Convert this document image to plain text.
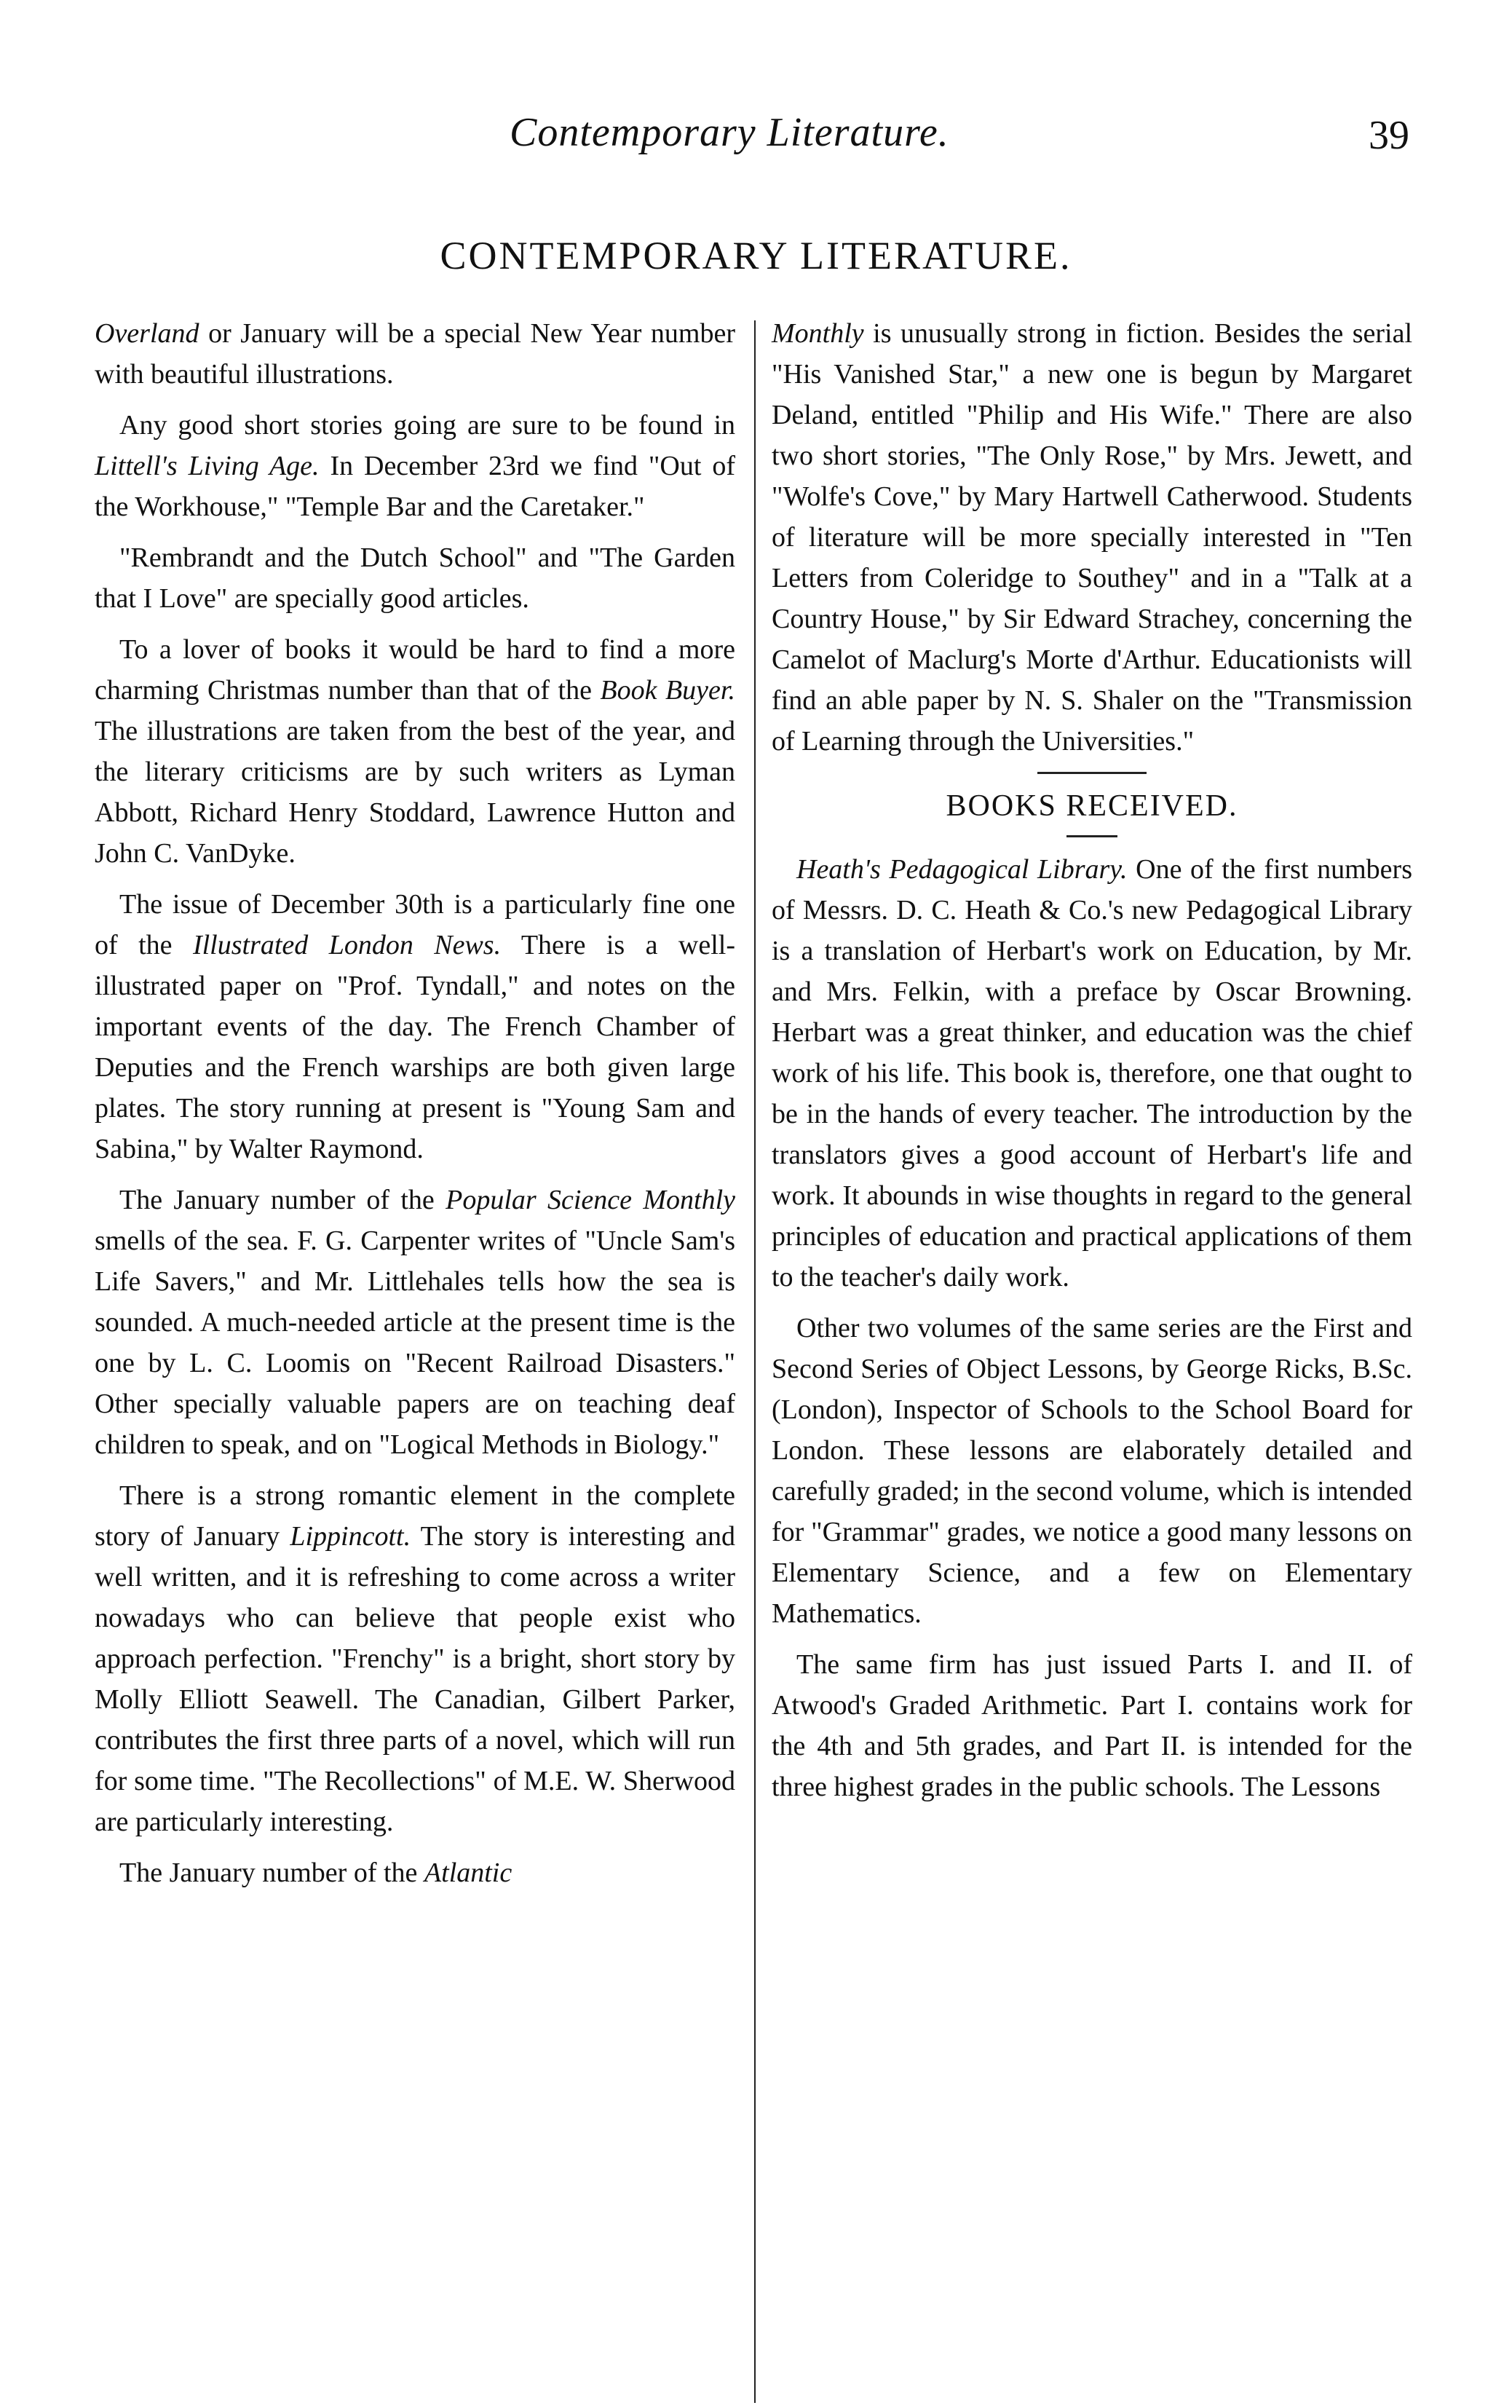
Contemporary Literature.	39
CONTEMPORARY LITERATURE.

Overland or January will be a special New Year number with beautiful illustrations.

Any good short stories going are sure to be found in Littell's Living Age. In December 23rd we find "Out of the Workhouse," "Temple Bar and the Caretaker."

"Rembrandt and the Dutch School" and "The Garden that I Love" are specially good articles.

To a lover of books it would be hard to find a more charming Christmas number than that of the Book Buyer. The illustrations are taken from the best of the year, and the literary criticisms are by such writers as Lyman Abbott, Richard Henry Stoddard, Lawrence Hutton and John C. VanDyke.

The issue of December 30th is a particularly fine one of the Illustrated London News. There is a well-illustrated paper on "Prof. Tyndall," and notes on the important events of the day. The French Chamber of Deputies and the French warships are both given large plates. The story running at present is "Young Sam and Sabina," by Walter Raymond.

The January number of the Popular Science Monthly smells of the sea. F. G. Carpenter writes of "Uncle Sam's Life Savers," and Mr. Littlehales tells how the sea is sounded. A much-needed article at the present time is the one by L. C. Loomis on "Recent Railroad Disasters." Other specially valuable papers are on teaching deaf children to speak, and on "Logical Methods in Biology."

There is a strong romantic element in the complete story of January Lippincott. The story is interesting and well written, and it is refreshing to come across a writer nowadays who can believe that people exist who approach perfection. "Frenchy" is a bright, short story by Molly Elliott Seawell. The Canadian, Gilbert Parker, contributes the first three parts of a novel, which will run for some time. "The Recollections" of M.E. W. Sherwood are particularly interesting.

The January number of the Atlantic

Monthly is unusually strong in fiction. Besides the serial "His Vanished Star," a new one is begun by Margaret Deland, entitled "Philip and His Wife." There are also two short stories, "The Only Rose," by Mrs. Jewett, and "Wolfe's Cove," by Mary Hartwell Catherwood. Students of literature will be more specially interested in "Ten Letters from Coleridge to Southey" and in a "Talk at a Country House," by Sir Edward Strachey, concerning the Camelot of Maclurg's Morte d'Arthur. Educationists will find an able paper by N. S. Shaler on the "Transmission of Learning through the Universities."

BOOKS RECEIVED.

Heath's Pedagogical Library. One of the first numbers of Messrs. D. C. Heath & Co.'s new Pedagogical Library is a translation of Herbart's work on Education, by Mr. and Mrs. Felkin, with a preface by Oscar Browning. Herbart was a great thinker, and education was the chief work of his life. This book is, therefore, one that ought to be in the hands of every teacher. The introduction by the translators gives a good account of Herbart's life and work. It abounds in wise thoughts in regard to the general principles of education and practical applications of them to the teacher's daily work.

Other two volumes of the same series are the First and Second Series of Object Lessons, by George Ricks, B.Sc. (London), Inspector of Schools to the School Board for London. These lessons are elaborately detailed and carefully graded; in the second volume, which is intended for "Grammar" grades, we notice a good many lessons on Elementary Science, and a few on Elementary Mathematics.

The same firm has just issued Parts I. and II. of Atwood's Graded Arithmetic. Part I. contains work for the 4th and 5th grades, and Part II. is intended for the three highest grades in the public schools. The Lessons
